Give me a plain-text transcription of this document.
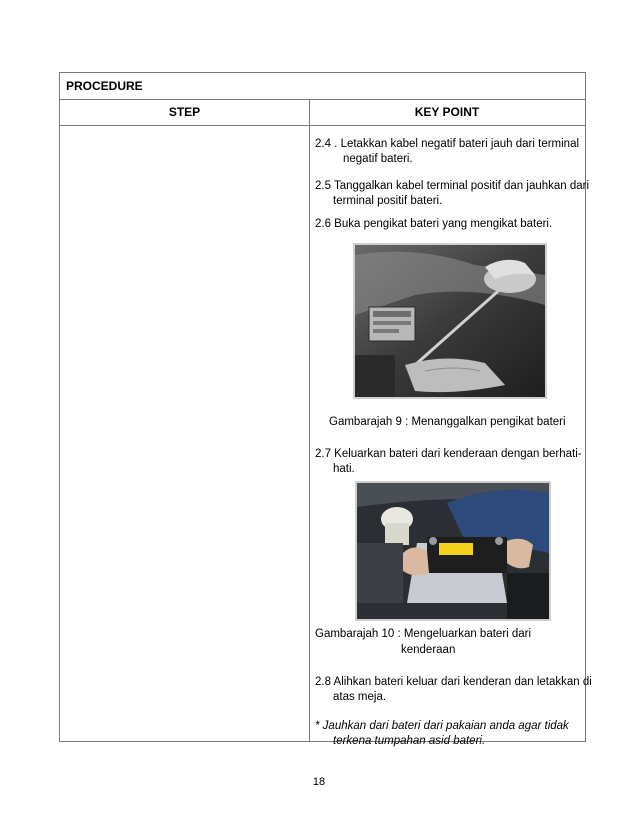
PROCEDURE
STEP	KEY POINT
2.4 . Letakkan kabel negatif bateri jauh dari terminal negatif bateri.
2.5 Tanggalkan kabel terminal positif dan jauhkan dari terminal positif bateri.
2.6 Buka pengikat bateri yang mengikat bateri.
Gambarajah 9 : Menanggalkan pengikat bateri
2.7 Keluarkan bateri dari kenderaan dengan berhati-hati.
Gambarajah 10 : Mengeluarkan bateri dari
kenderaan
2.8 Alihkan bateri keluar dari kenderan dan letakkan di atas meja.
* Jauhkan dari bateri dari pakaian anda agar tidak terkena tumpahan asid bateri.
18
